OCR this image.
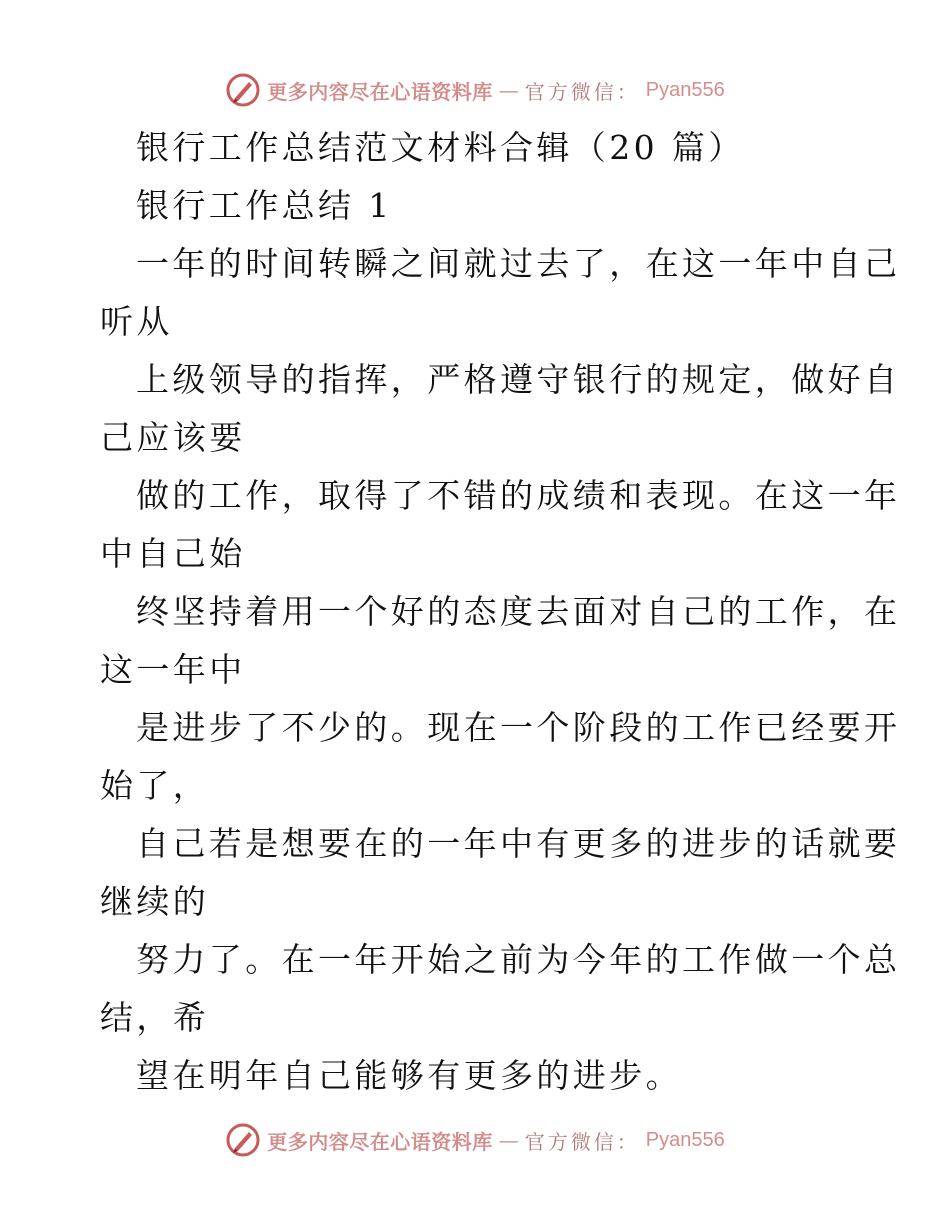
更多内容尽在心语资料库 — 官方微信： Pyan556
银行工作总结范文材料合辑（20 篇）
银行工作总结 1
一年的时间转瞬之间就过去了，在这一年中自己
听从
上级领导的指挥，严格遵守银行的规定，做好自
己应该要
做的工作，取得了不错的成绩和表现。在这一年
中自己始
终坚持着用一个好的态度去面对自己的工作，在
这一年中
是进步了不少的。现在一个阶段的工作已经要开
始了，
自己若是想要在的一年中有更多的进步的话就要
继续的
努力了。在一年开始之前为今年的工作做一个总
结，希
望在明年自己能够有更多的进步。
更多内容尽在心语资料库 — 官方微信： Pyan556
